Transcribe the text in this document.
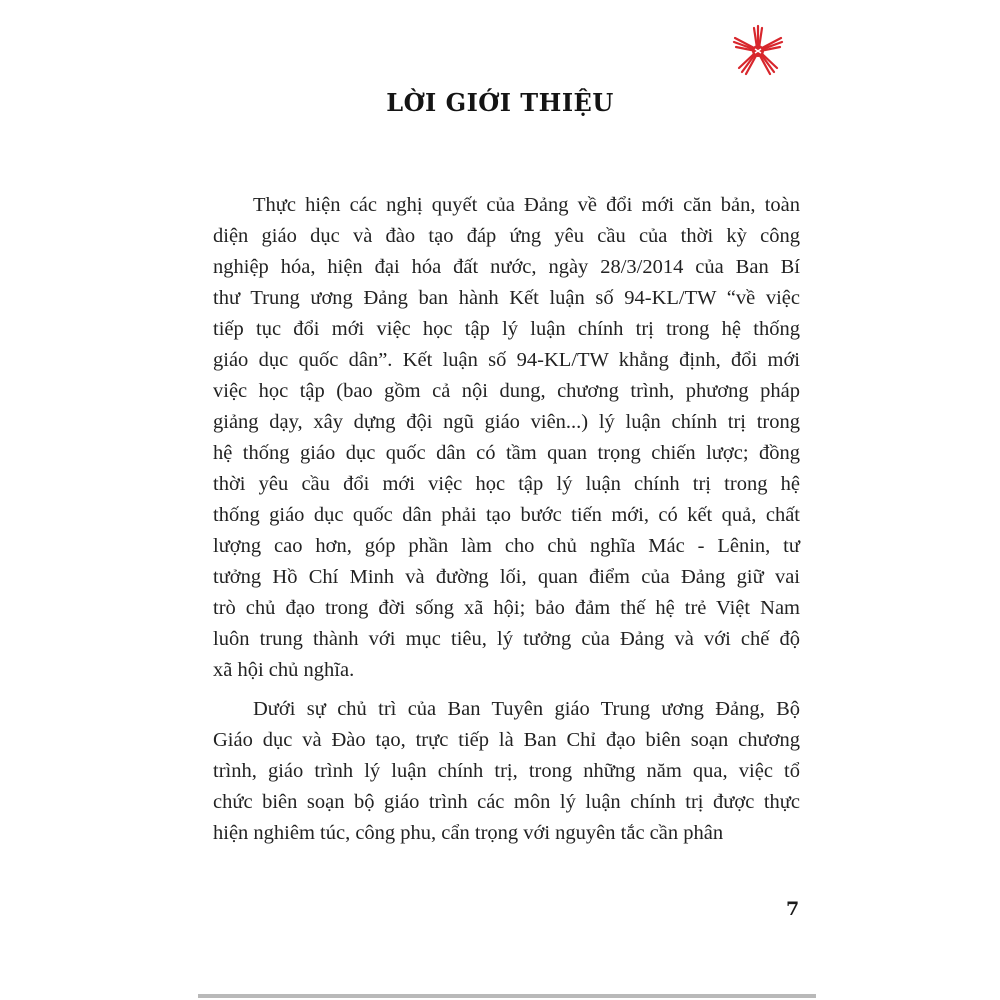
LỜI GIỚI THIỆU
Thực hiện các nghị quyết của Đảng về đổi mới căn bản, toàn
diện giáo dục và đào tạo đáp ứng yêu cầu của thời kỳ công
nghiệp hóa, hiện đại hóa đất nước, ngày 28/3/2014 của Ban Bí
thư Trung ương Đảng ban hành Kết luận số 94-KL/TW “về việc
tiếp tục đổi mới việc học tập lý luận chính trị trong hệ thống
giáo dục quốc dân”. Kết luận số 94-KL/TW khẳng định, đổi mới
việc học tập (bao gồm cả nội dung, chương trình, phương pháp
giảng dạy, xây dựng đội ngũ giáo viên...) lý luận chính trị trong
hệ thống giáo dục quốc dân có tầm quan trọng chiến lược; đồng
thời yêu cầu đổi mới việc học tập lý luận chính trị trong hệ
thống giáo dục quốc dân phải tạo bước tiến mới, có kết quả, chất
lượng cao hơn, góp phần làm cho chủ nghĩa Mác - Lênin, tư
tưởng Hồ Chí Minh và đường lối, quan điểm của Đảng giữ vai
trò chủ đạo trong đời sống xã hội; bảo đảm thế hệ trẻ Việt Nam
luôn trung thành với mục tiêu, lý tưởng của Đảng và với chế độ
xã hội chủ nghĩa.
Dưới sự chủ trì của Ban Tuyên giáo Trung ương Đảng, Bộ
Giáo dục và Đào tạo, trực tiếp là Ban Chỉ đạo biên soạn chương
trình, giáo trình lý luận chính trị, trong những năm qua, việc tổ
chức biên soạn bộ giáo trình các môn lý luận chính trị được thực
hiện nghiêm túc, công phu, cẩn trọng với nguyên tắc cần phân
7
